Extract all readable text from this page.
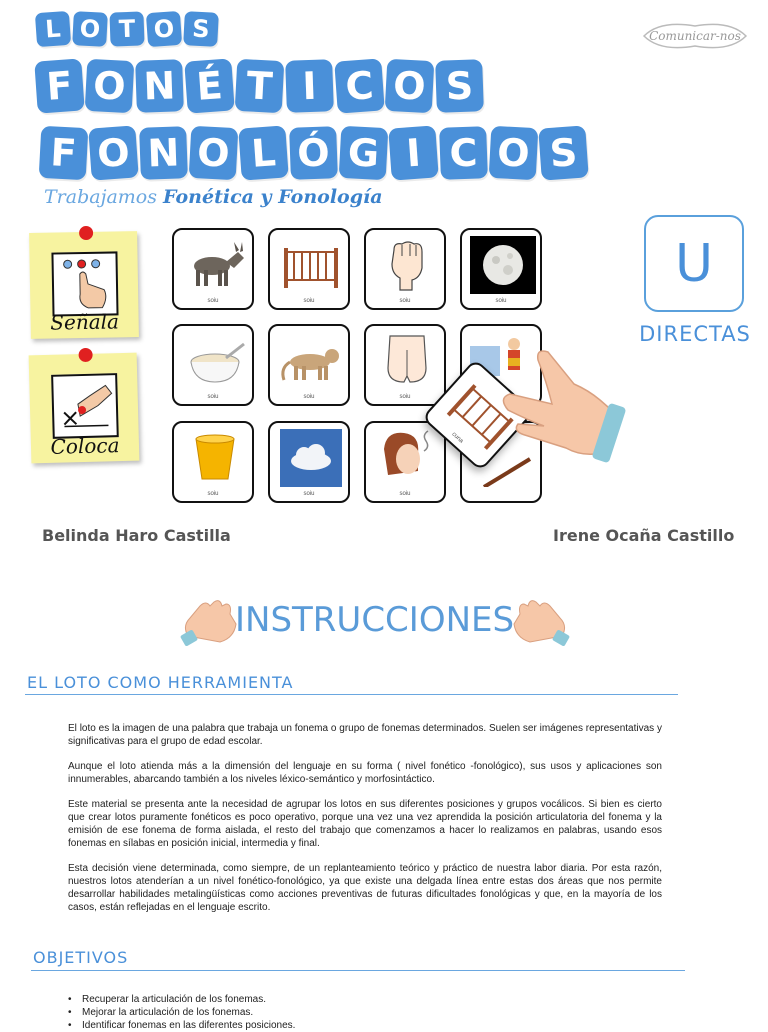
L O T O S
F O N É T I C O S
F O N O L Ó G I C O S
Trabajamos Fonética y Fonología
Comunicar-nos
Señala
Coloca
soiu	soiu	soiu	soiu
soiu	soiu	soiu
soiu	soiu	soiu
cuna
U
DIRECTAS
Belinda Haro Castilla	Irene Ocaña Castillo
INSTRUCCIONES
EL LOTO COMO HERRAMIENTA

El loto es la imagen de una palabra que trabaja un fonema o grupo de fonemas determinados. Suelen ser imágenes representativas y significativas para el grupo de edad escolar.

Aunque el loto atienda más a la dimensión del lenguaje en su forma ( nivel fonético -fonológico), sus usos y aplicaciones son innumerables, abarcando también a los niveles léxico-semántico y morfosintáctico.

Este material se presenta ante la necesidad de agrupar los lotos en sus diferentes posiciones y grupos vocálicos. Si bien es cierto que crear lotos puramente fonéticos es poco operativo, porque una vez una vez aprendida la posición articulatoria del fonema y la emisión de ese fonema de forma aislada, el resto del trabajo que comenzamos a hacer lo realizamos en palabras, usando esos fonemas en sílabas en posición inicial, intermedia y final.

Esta decisión viene determinada, como siempre, de un replanteamiento teórico y práctico de nuestra labor diaria. Por esta razón, nuestros lotos atenderían a un nivel fonético-fonológico, ya que existe una delgada línea entre estas dos áreas que nos permite desarrollar habilidades metalingüísticas como acciones preventivas de futuras dificultades fonológicas y que, en la mayoría de los casos, están reflejadas en el lenguaje escrito.

OBJETIVOS
• Recuperar la articulación de los fonemas.
• Mejorar la articulación de los fonemas.
• Identificar fonemas en las diferentes posiciones.
